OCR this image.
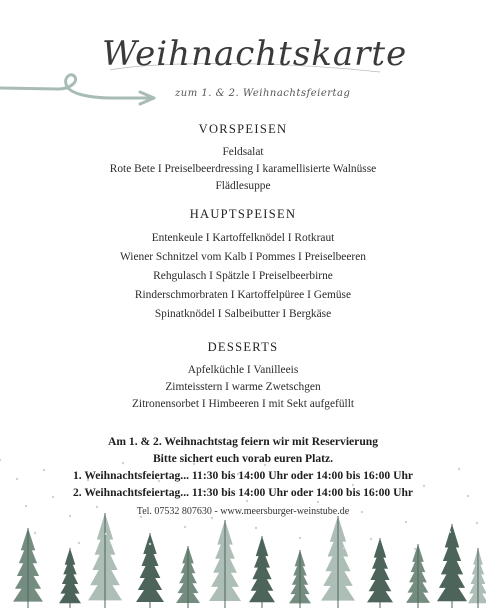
Weihnachtskarte
zum 1. & 2. Weihnachtsfeiertag
VORSPEISEN
Feldsalat
Rote Bete I Preiselbeerdressing I karamellisierte Walnüsse
Flädlesuppe
HAUPTSPEISEN
Entenkeule I Kartoffelknödel I Rotkraut
Wiener Schnitzel vom Kalb I Pommes I Preiselbeeren
Rehgulasch I Spätzle I Preiselbeerbirne
Rinderschmorbraten I Kartoffelpüree I Gemüse
Spinatknödel I Salbeibutter I Bergkäse
DESSERTS
Apfelküchle I Vanilleeis
Zimteisstern I warme Zwetschgen
Zitronensorbet I Himbeeren I mit Sekt aufgefüllt
Am 1. & 2. Weihnachtstag feiern wir mit Reservierung
Bitte sichert euch vorab euren Platz.
1. Weihnachtsfeiertag... 11:30 bis 14:00 Uhr oder 14:00 bis 16:00 Uhr
2. Weihnachtsfeiertag... 11:30 bis 14:00 Uhr oder 14:00 bis 16:00 Uhr
Tel. 07532 807630 - www.meersburger-weinstube.de
